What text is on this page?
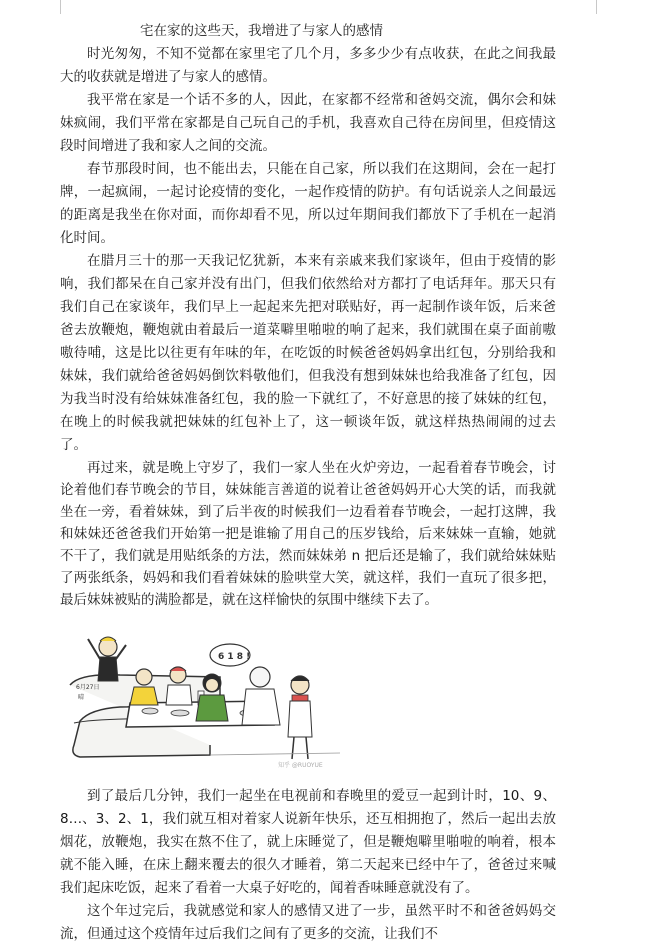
宅在家的这些天，我增进了与家人的感情

时光匆匆，不知不觉都在家里宅了几个月，多多少少有点收获，在此之间我最大的收获就是增进了与家人的感情。

我平常在家是一个话不多的人，因此，在家都不经常和爸妈交流，偶尔会和妹妹疯闹，我们平常在家都是自己玩自己的手机，我喜欢自己待在房间里，但疫情这段时间增进了我和家人之间的交流。

春节那段时间，也不能出去，只能在自己家，所以我们在这期间，会在一起打牌，一起疯闹，一起讨论疫情的变化，一起作疫情的防护。有句话说亲人之间最远的距离是我坐在你对面，而你却看不见，所以过年期间我们都放下了手机在一起消化时间。

在腊月三十的那一天我记忆犹新，本来有亲戚来我们家谈年，但由于疫情的影响，我们都呆在自己家并没有出门，但我们依然给对方都打了电话拜年。那天只有我们自己在家谈年，我们早上一起起来先把对联贴好，再一起制作谈年饭，后来爸爸去放鞭炮，鞭炮就由着最后一道菜噼里啪啦的响了起来，我们就围在桌子面前嗷嗷待哺，这是比以往更有年味的年，在吃饭的时候爸爸妈妈拿出红包，分别给我和妹妹，我们就给爸爸妈妈倒饮料敬他们，但我没有想到妹妹也给我准备了红包，因为我当时没有给妹妹准备红包，我的脸一下就红了，不好意思的接了妹妹的红包，在晚上的时候我就把妹妹的红包补上了，这一顿谈年饭，就这样热热闹闹的过去了。

再过来，就是晚上守岁了，我们一家人坐在火炉旁边，一起看着春节晚会，讨论着他们春节晚会的节目，妹妹能言善道的说着让爸爸妈妈开心大笑的话，而我就坐在一旁，看着妹妹，到了后半夜的时候我们一边看着春节晚会，一起打这牌，我和妹妹还爸爸我们开始第一把是谁输了用自己的压岁钱给，后来妹妹一直输，她就不干了，我们就是用贴纸条的方法，然而妹妹弟 n 把后还是输了，我们就给妹妹贴了两张纸条，妈妈和我们看着妹妹的脸哄堂大笑，就这样，我们一直玩了很多把，最后妹妹被贴的满脸都是，就在这样愉快的氛围中继续下去了。

6月27日
晴
6 1 8 !
知乎 @RUOYUE

到了最后几分钟，我们一起坐在电视前和春晚里的爱豆一起到计时，10、9、8…、3、2、1，我们就互相对着家人说新年快乐，还互相拥抱了，然后一起出去放烟花，放鞭炮，我实在熬不住了，就上床睡觉了，但是鞭炮噼里啪啦的响着，根本就不能入睡，在床上翻来覆去的很久才睡着，第二天起来已经中午了，爸爸过来喊我们起床吃饭，起来了看着一大桌子好吃的，闻着香味睡意就没有了。

这个年过完后，我就感觉和家人的感情又进了一步，虽然平时不和爸爸妈妈交流，但通过这个疫情年过后我们之间有了更多的交流，让我们不
